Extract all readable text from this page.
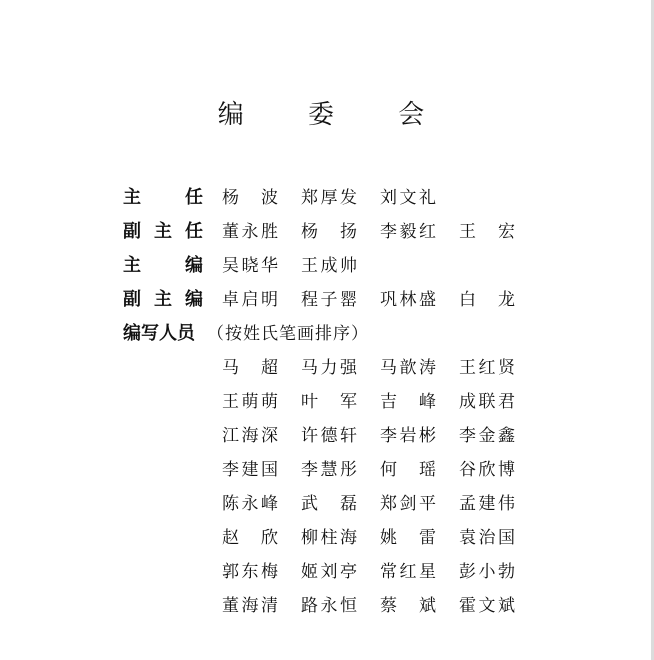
编 委 会
主 任 杨 波 郑 厚 发 刘 文 礼
副 主 任 董 永 胜 杨 扬 李 毅 红 王 宏
主 编 吴 晓 华 王 成 帅
副 主 编 卓 启 明 程 子 罂 巩 林 盛 白 龙
编写人员 （按姓氏笔画排序）
马 超 马 力 强 马 歆 涛 王 红 贤
王 萌 萌 叶 军 吉 峰 成 联 君
江 海 深 许 德 轩 李 岩 彬 李 金 鑫
李 建 国 李 慧 彤 何 瑶 谷 欣 博
陈 永 峰 武 磊 郑 剑 平 孟 建 伟
赵 欣 柳 柱 海 姚 雷 袁 治 国
郭 东 梅 姬 刘 亭 常 红 星 彭 小 勃
董 海 清 路 永 恒 蔡 斌 霍 文 斌
